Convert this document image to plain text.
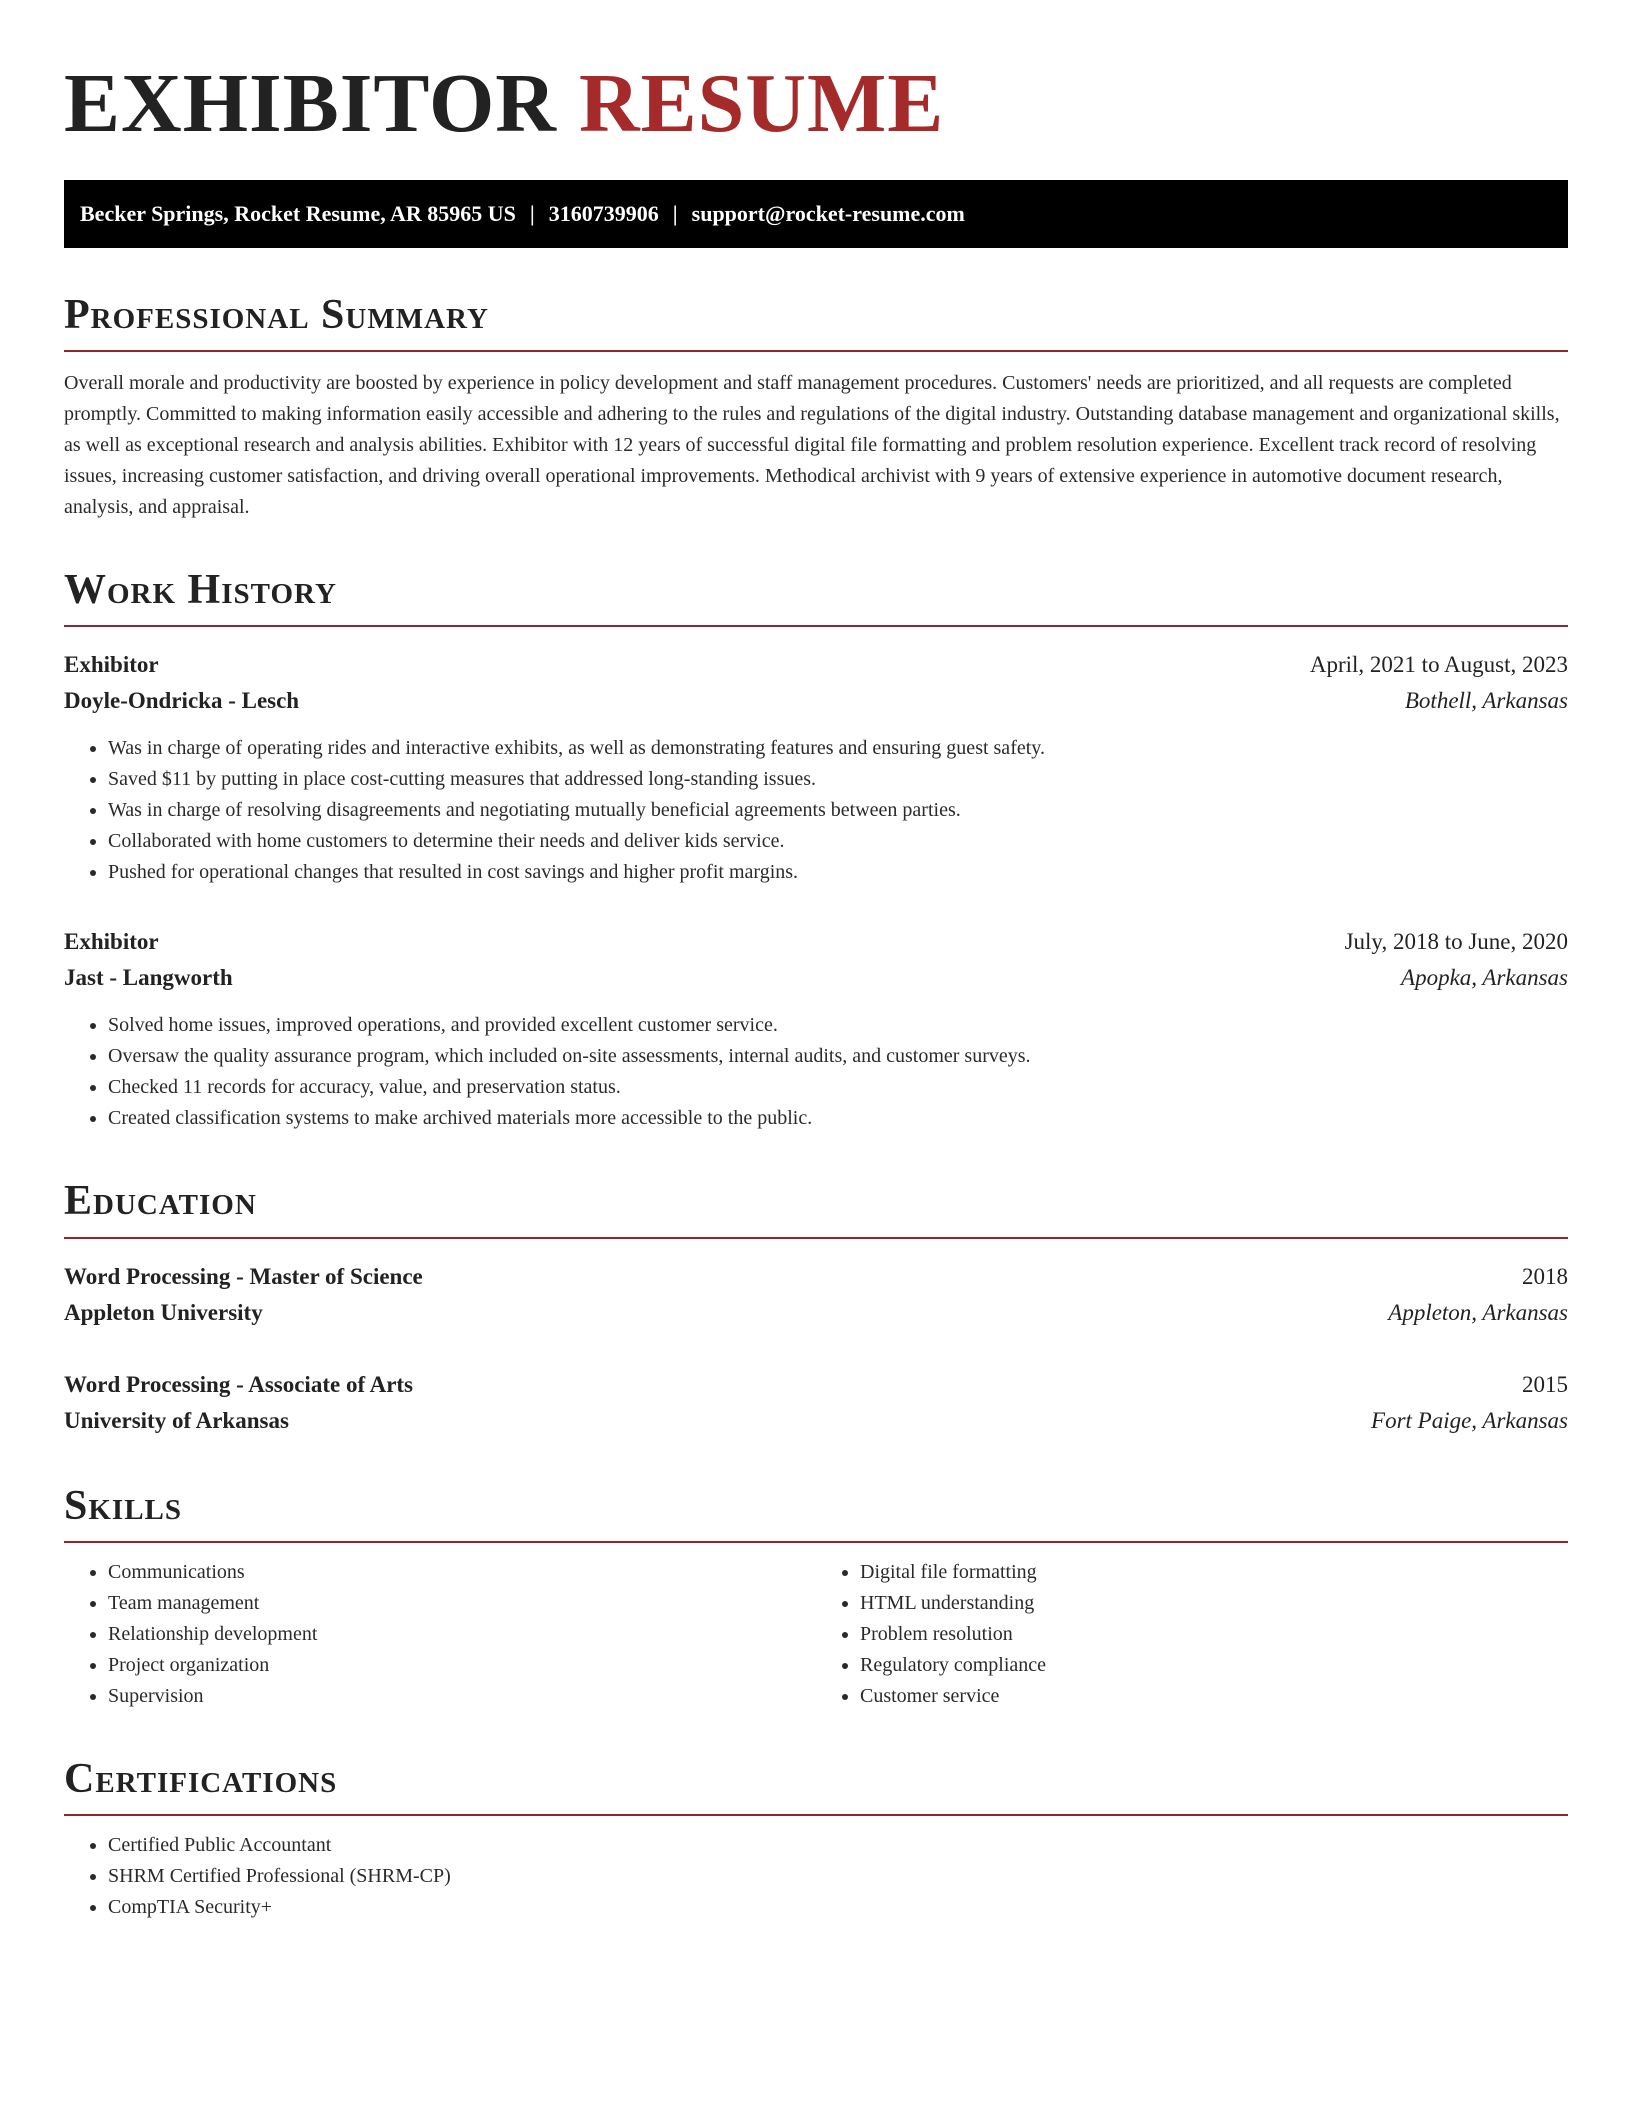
EXHIBITOR RESUME
Becker Springs, Rocket Resume, AR 85965 US | 3160739906 | support@rocket-resume.com
Professional Summary

Overall morale and productivity are boosted by experience in policy development and staff management procedures. Customers' needs are prioritized, and all requests are completed promptly. Committed to making information easily accessible and adhering to the rules and regulations of the digital industry. Outstanding database management and organizational skills, as well as exceptional research and analysis abilities. Exhibitor with 12 years of successful digital file formatting and problem resolution experience. Excellent track record of resolving issues, increasing customer satisfaction, and driving overall operational improvements. Methodical archivist with 9 years of extensive experience in automotive document research, analysis, and appraisal.

Work History
Exhibitor	April, 2021 to August, 2023
Doyle-Ondricka - Lesch	Bothell, Arkansas
• Was in charge of operating rides and interactive exhibits, as well as demonstrating features and ensuring guest safety.
• Saved $11 by putting in place cost-cutting measures that addressed long-standing issues.
• Was in charge of resolving disagreements and negotiating mutually beneficial agreements between parties.
• Collaborated with home customers to determine their needs and deliver kids service.
• Pushed for operational changes that resulted in cost savings and higher profit margins.
Exhibitor	July, 2018 to June, 2020
Jast - Langworth	Apopka, Arkansas
• Solved home issues, improved operations, and provided excellent customer service.
• Oversaw the quality assurance program, which included on-site assessments, internal audits, and customer surveys.
• Checked 11 records for accuracy, value, and preservation status.
• Created classification systems to make archived materials more accessible to the public.
Education
Word Processing - Master of Science	2018
Appleton University	Appleton, Arkansas
Word Processing - Associate of Arts	2015
University of Arkansas	Fort Paige, Arkansas
Skills
• Communications
• Team management
• Relationship development
• Project organization
• Supervision
• Digital file formatting
• HTML understanding
• Problem resolution
• Regulatory compliance
• Customer service
Certifications
• Certified Public Accountant
• SHRM Certified Professional (SHRM-CP)
• CompTIA Security+
